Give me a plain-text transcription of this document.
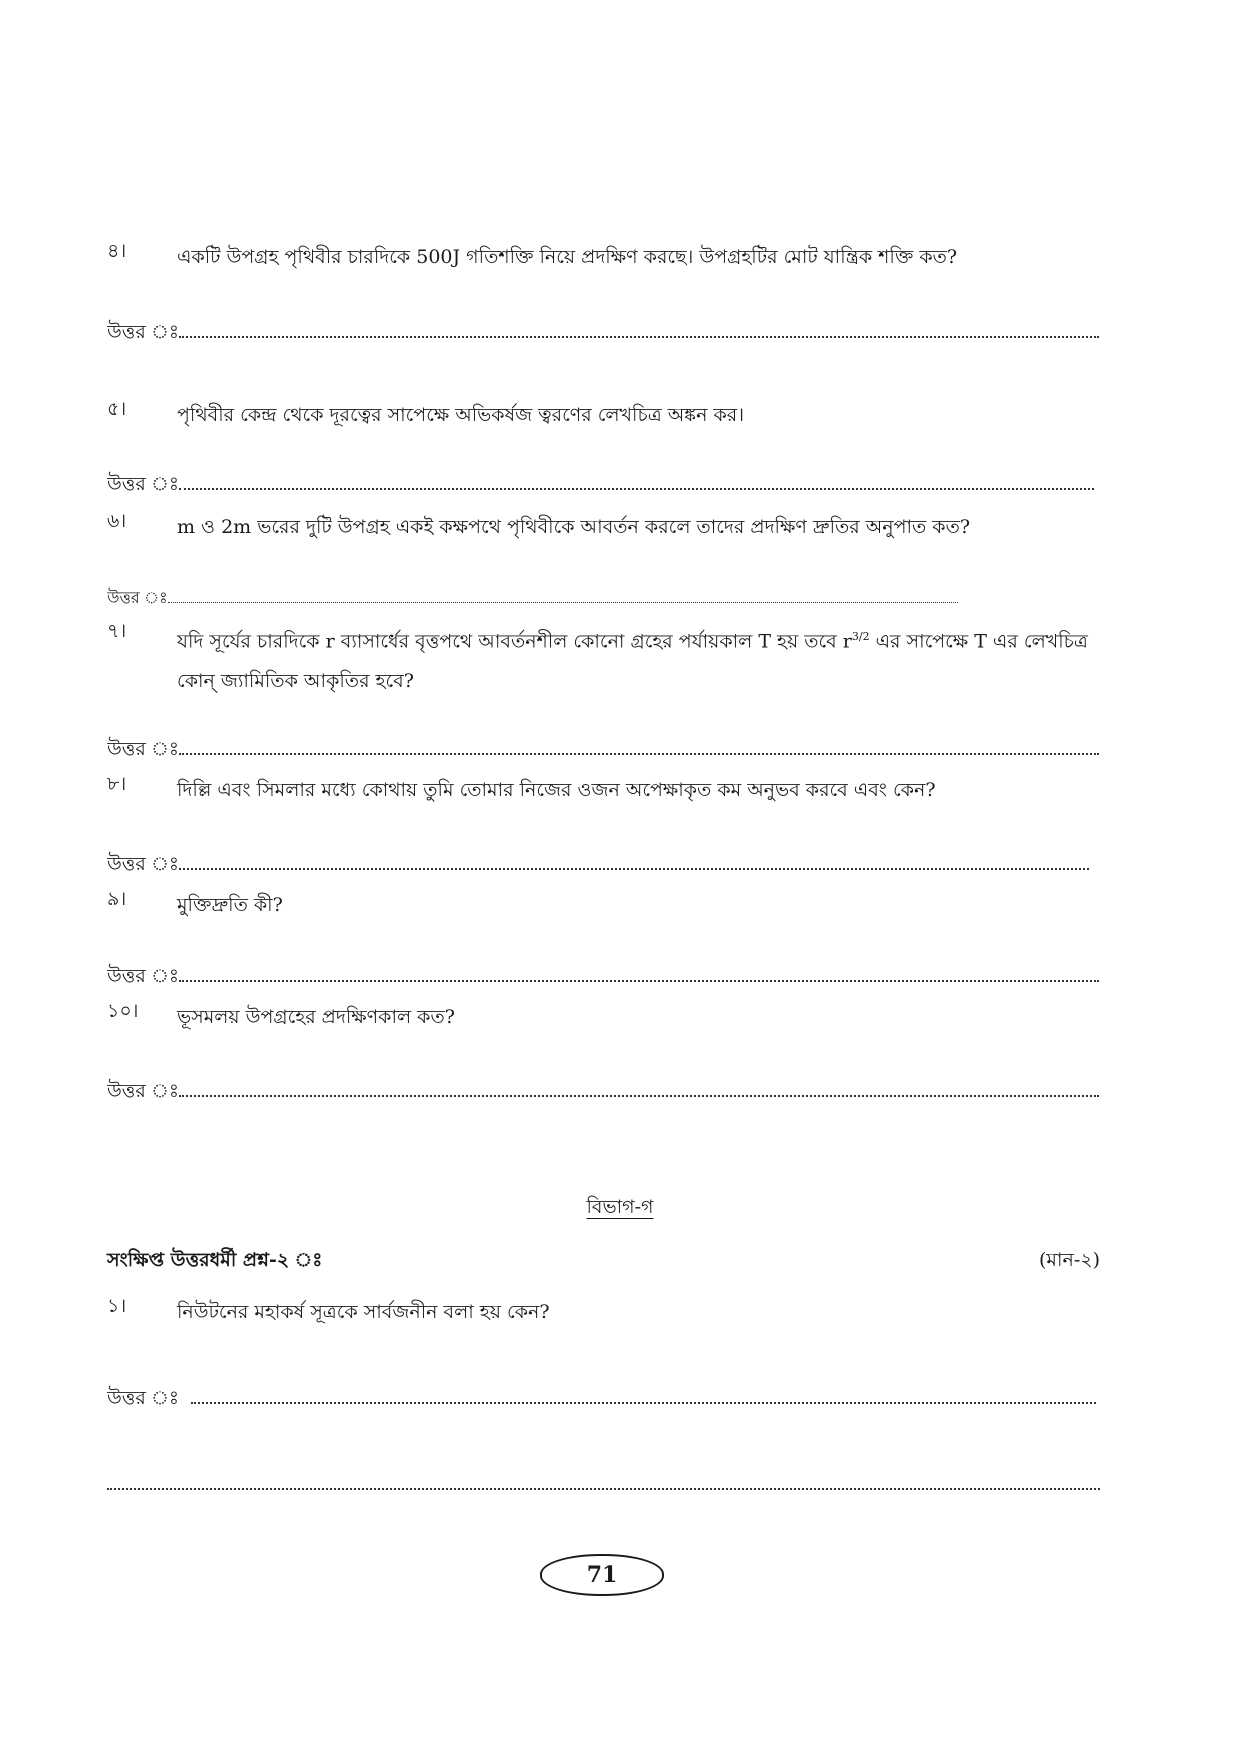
৪।	একটি উপগ্রহ পৃথিবীর চারদিকে 500J গতিশক্তি নিয়ে প্রদক্ষিণ করছে। উপগ্রহটির মোট যান্ত্রিক শক্তি কত?
উত্তর ঃ
৫।	পৃথিবীর কেন্দ্র থেকে দূরত্বের সাপেক্ষে অভিকর্ষজ ত্বরণের লেখচিত্র অঙ্কন কর।
উত্তর ঃ
৬।	m ও 2m ভরের দুটি উপগ্রহ একই কক্ষপথে পৃথিবীকে আবর্তন করলে তাদের প্রদক্ষিণ দ্রুতির অনুপাত কত?
উত্তর ঃ
৭।	যদি সূর্যের চারদিকে r ব্যাসার্ধের বৃত্তপথে আবর্তনশীল কোনো গ্রহের পর্যায়কাল T হয় তবে $r^{3/2}$ এর সাপেক্ষে T এর লেখচিত্র কোন্ জ্যামিতিক আকৃতির হবে?
উত্তর ঃ
৮।	দিল্লি এবং সিমলার মধ্যে কোথায় তুমি তোমার নিজের ওজন অপেক্ষাকৃত কম অনুভব করবে এবং কেন?
উত্তর ঃ
৯।	মুক্তিদ্রুতি কী?
উত্তর ঃ
১০।	ভূসমলয় উপগ্রহের প্রদক্ষিণকাল কত?
উত্তর ঃ
বিভাগ-গ
সংক্ষিপ্ত উত্তরধর্মী প্রশ্ন-২ ঃ	(মান-২)
১।	নিউটনের মহাকর্ষ সূত্রকে সার্বজনীন বলা হয় কেন?
উত্তর ঃ
71
